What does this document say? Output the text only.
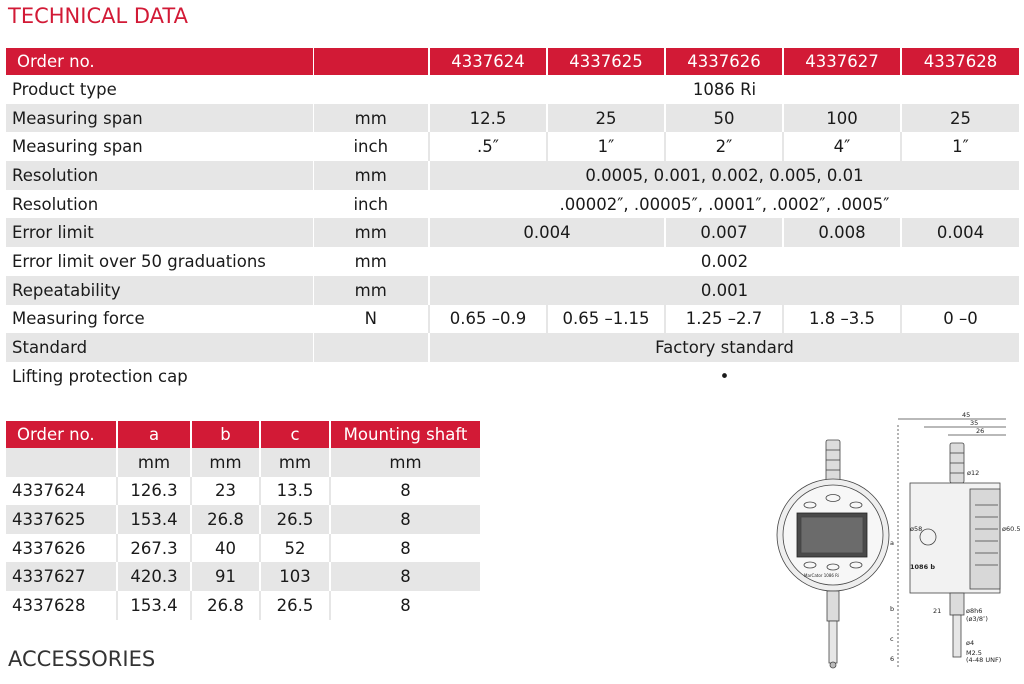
TECHNICAL DATA
Order no.		4337624	4337625	4337626	4337627	4337628
Product type		1086 Ri				
Measuring span	mm	12.5	25	50	100	25
Measuring span	inch	.5″	1″	2″	4″	1″
Resolution	mm	0.0005, 0.001, 0.002, 0.005, 0.01				
Resolution	inch	.00002″, .00005″, .0001″, .0002″, .0005″				
Error limit	mm	0.004		0.007	0.008	0.004
Error limit over 50 graduations	mm	0.002				
Repeatability	mm	0.001				
Measuring force	N	0.65 –0.9	0.65 –1.15	1.25 –2.7	1.8 –3.5	0 –0
Standard		Factory standard				
Lifting protection cap		•				
Order no.	a	b	c	Mounting shaft
	mm	mm	mm	mm
4337624	126.3	23	13.5	8
4337625	153.4	26.8	26.5	8
4337626	267.3	40	52	8
4337627	420.3	91	103	8
4337628	153.4	26.8	26.5	8
45
35
26
ø12
ø58	ø60.5
1086 b
ø8h6
(ø3/8″)
21
ø4
M2.5
(4-48 UNF)
a
b
c
6
MarCator 1086 Ri
ACCESSORIES
